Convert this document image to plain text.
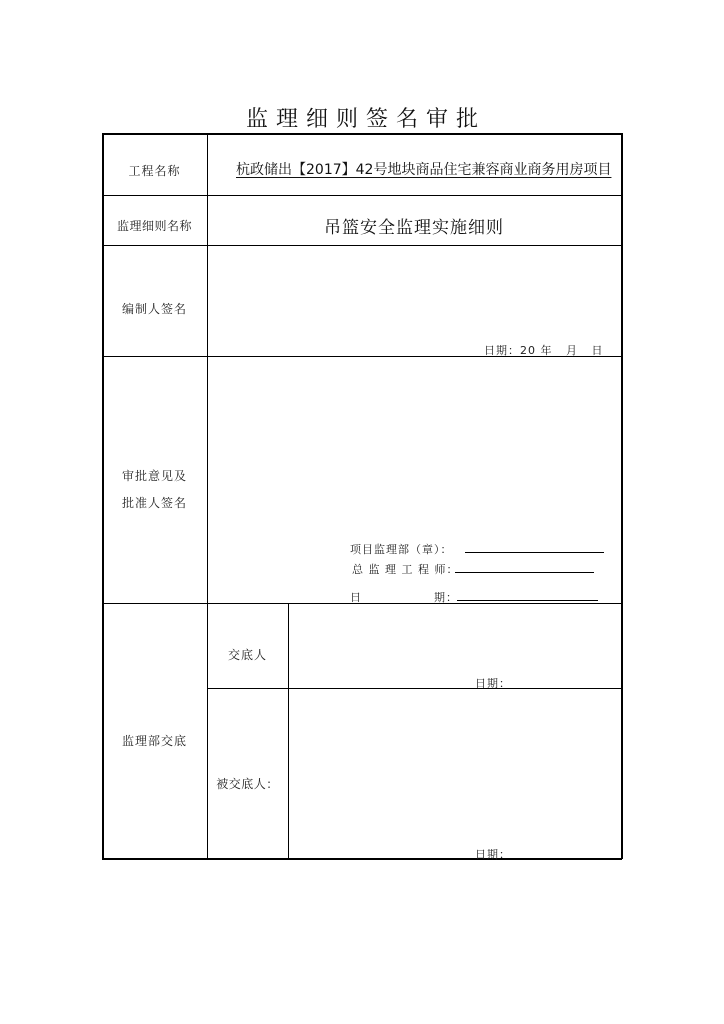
监理细则签名审批
工程名称	杭政储出【2017】42号地块商品住宅兼容商业商务用房项目
监理细则名称	吊篮安全监理实施细则
编制人签名
日期：20 年   月   日
审批意见及
批准人签名
项目监理部（章）：
总 监 理 工 程 师：
日                期：
监理部交底
交底人
日期：
被交底人：
日期：
